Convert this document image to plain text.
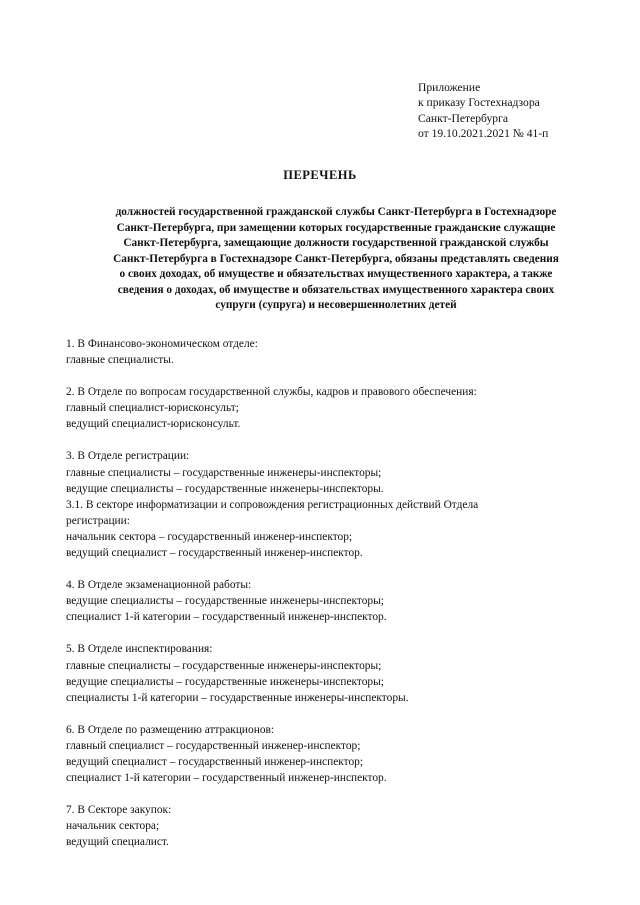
Приложение
к приказу Гостехнадзора
Санкт-Петербурга
от 19.10.2021.2021 № 41-п
ПЕРЕЧЕНЬ
должностей государственной гражданской службы Санкт-Петербурга в Гостехнадзоре
Санкт-Петербурга, при замещении которых государственные гражданские служащие
Санкт-Петербурга, замещающие должности государственной гражданской службы
Санкт-Петербурга в Гостехнадзоре Санкт-Петербурга, обязаны представлять сведения
о своих доходах, об имуществе и обязательствах имущественного характера, а также
сведения о доходах, об имуществе и обязательствах имущественного характера своих
супруги (супруга) и несовершеннолетних детей
1. В Финансово-экономическом отделе:
главные специалисты.
2. В Отделе по вопросам государственной службы, кадров и правового обеспечения:
главный специалист-юрисконсульт;
ведущий специалист-юрисконсульт.
3. В Отделе регистрации:
главные специалисты – государственные инженеры-инспекторы;
ведущие специалисты – государственные инженеры-инспекторы.
3.1. В секторе информатизации и сопровождения регистрационных действий Отдела
регистрации:
начальник сектора – государственный инженер-инспектор;
ведущий специалист – государственный инженер-инспектор.
4. В Отделе экзаменационной работы:
ведущие специалисты – государственные инженеры-инспекторы;
специалист 1-й категории – государственный инженер-инспектор.
5. В Отделе инспектирования:
главные специалисты – государственные инженеры-инспекторы;
ведущие специалисты – государственные инженеры-инспекторы;
специалисты 1-й категории – государственные инженеры-инспекторы.
6. В Отделе по размещению аттракционов:
главный специалист – государственный инженер-инспектор;
ведущий специалист – государственный инженер-инспектор;
специалист 1-й категории – государственный инженер-инспектор.
7. В Секторе закупок:
начальник сектора;
ведущий специалист.
